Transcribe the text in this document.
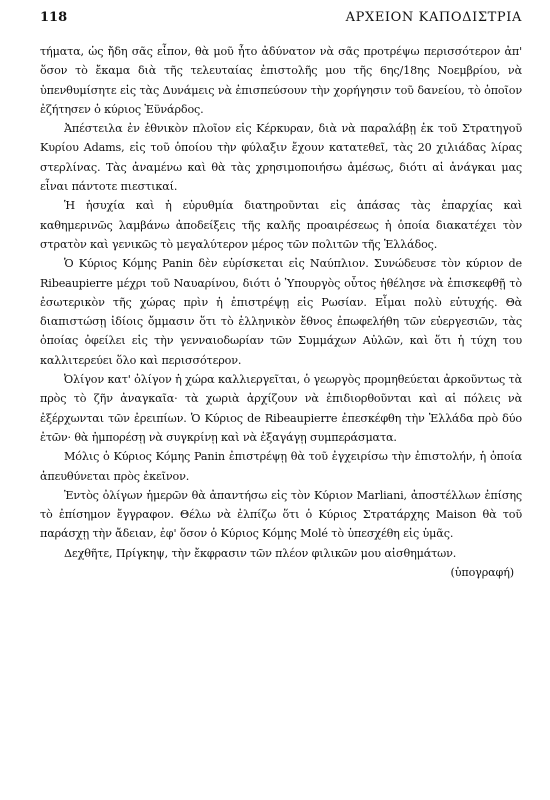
118	ΑΡΧΕΙΟΝ ΚΑΠΟΔΙΣΤΡΙΑ

τήματα, ὡς ἤδη σᾶς εἶπον, θὰ μοῦ ἦτο ἀδύνατον νὰ σᾶς προτρέψω περισσότερον ἀπ' ὅσον τὸ ἔκαμα διὰ τῆς τελευταίας ἐπιστολῆς μου τῆς 6ης/18ης Νοεμβρίου, νὰ ὑπενθυμίσητε εἰς τὰς Δυνάμεις νὰ ἐπισπεύσουν τὴν χορήγησιν τοῦ δανείου, τὸ ὁποῖον ἐζήτησεν ὁ κύριος Ἐϋνάρδος.

Ἀπέστειλα ἐν ἐθνικὸν πλοῖον εἰς Κέρκυραν, διὰ νὰ παραλάβῃ ἐκ τοῦ Στρατηγοῦ Κυρίου Adams, εἰς τοῦ ὁποίου τὴν φύλαξιν ἔχουν κατατεθεῖ, τὰς 20 χιλιάδας λίρας στερλίνας. Τὰς ἀναμένω καὶ θὰ τὰς χρησιμοποιήσω ἀμέσως, διότι αἱ ἀνάγκαι μας εἶναι πάντοτε πιεστικαί.

Ἡ ἡσυχία καὶ ἡ εὐρυθμία διατηροῦνται εἰς ἁπάσας τὰς ἐπαρχίας καὶ καθημερινῶς λαμβάνω ἀποδείξεις τῆς καλῆς προαιρέσεως ἡ ὁποία διακατέχει τὸν στρατὸν καὶ γενικῶς τὸ μεγαλύτερον μέρος τῶν πολιτῶν τῆς Ἑλλάδος.

Ὁ Κύριος Κόμης Panin δὲν εὑρίσκεται εἰς Ναύπλιον. Συνώδευσε τὸν κύριον de Ribeaupierre μέχρι τοῦ Ναυαρίνου, διότι ὁ Ὑπουργὸς οὗτος ἠθέλησε νὰ ἐπισκεφθῇ τὸ ἐσωτερικὸν τῆς χώρας πρὶν ἡ ἐπιστρέψῃ εἰς Ρωσίαν. Εἶμαι πολὺ εὐτυχής. Θὰ διαπιστώσῃ ἰδίοις ὄμμασιν ὅτι τὸ ἑλληνικὸν ἔθνος ἐπωφελήθη τῶν εὐεργεσιῶν, τὰς ὁποίας ὀφείλει εἰς τὴν γενναιοδωρίαν τῶν Συμμάχων Αὐλῶν, καὶ ὅτι ἡ τύχη του καλλιτερεύει ὅλο καὶ περισσότερον.

Ὀλίγον κατ' ὀλίγον ἡ χώρα καλλιεργεῖται, ὁ γεωργὸς προμηθεύεται ἀρκοῦντως τὰ πρὸς τὸ ζῆν ἀναγκαῖα· τὰ χωριὰ ἀρχίζουν νὰ ἐπιδιορθοῦνται καὶ αἱ πόλεις νὰ ἐξέρχωνται τῶν ἐρειπίων. Ὁ Κύριος de Ribeaupierre ἐπεσκέφθη τὴν Ἑλλάδα πρὸ δύο ἐτῶν· θὰ ἠμπορέσῃ νὰ συγκρίνῃ καὶ νὰ ἐξαγάγῃ συμπεράσματα.

Μόλις ὁ Κύριος Κόμης Panin ἐπιστρέψῃ θὰ τοῦ ἐγχειρίσω τὴν ἐπιστολήν, ἡ ὁποία ἀπευθύνεται πρὸς ἐκεῖνον.

Ἐντὸς ὀλίγων ἡμερῶν θὰ ἀπαντήσω εἰς τὸν Κύριον Marliani, ἀποστέλλων ἐπίσης τὸ ἐπίσημον ἔγγραφον. Θέλω νὰ ἐλπίζω ὅτι ὁ Κύριος Στρατάρχης Maison θὰ τοῦ παράσχῃ τὴν ἄδειαν, ἐφ' ὅσον ὁ Κύριος Κόμης Molé τὸ ὑπεσχέθη εἰς ὑμᾶς.

Δεχθῆτε, Πρίγκηψ, τὴν ἔκφρασιν τῶν πλέον φιλικῶν μου αἰσθημάτων.

(ὑπογραφή)
